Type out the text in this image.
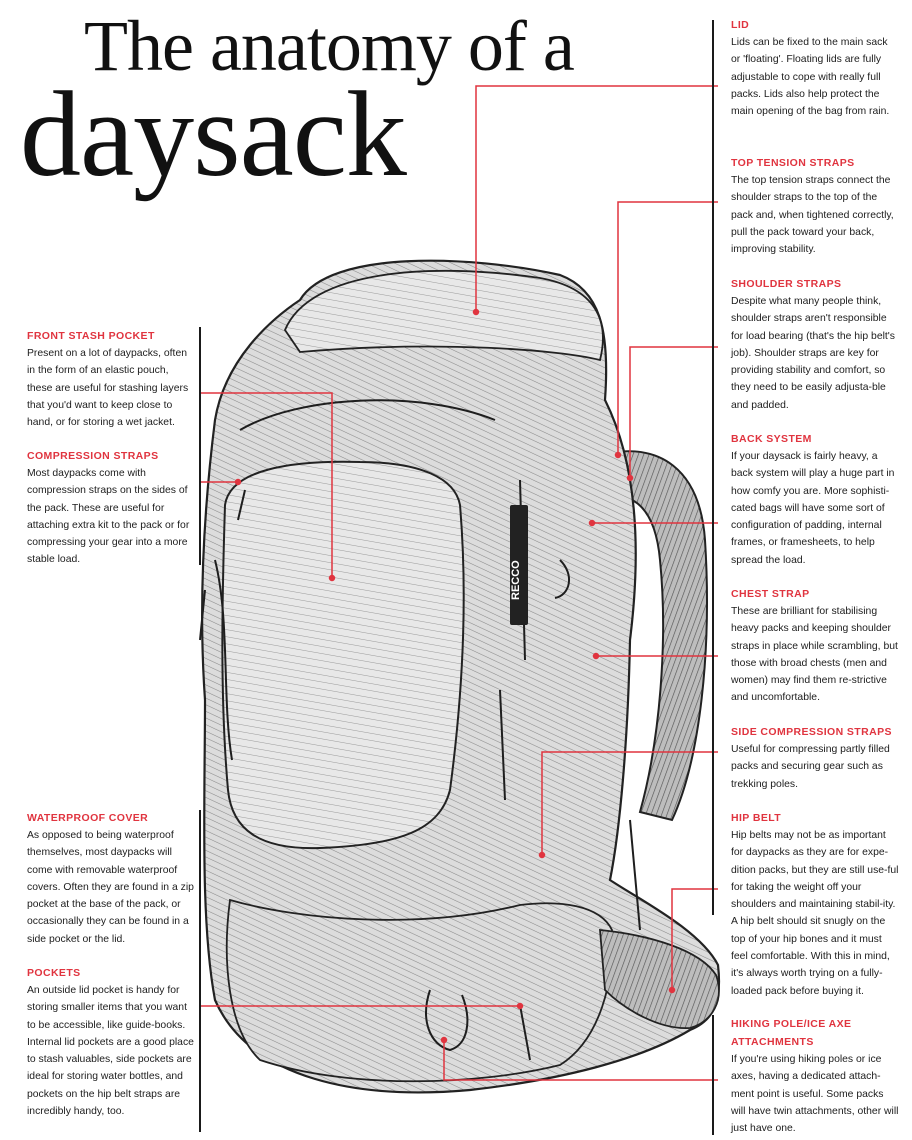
The anatomy of a
daysack
RECCO
FRONT STASH POCKET

Present on a lot of daypacks, often in the form of an elastic pouch, these are useful for stashing layers that you'd want to keep close to hand, or for storing a wet jacket.

COMPRESSION STRAPS

Most daypacks come with compression straps on the sides of the pack. These are useful for attaching extra kit to the pack or for compressing your gear into a more stable load.

WATERPROOF COVER

As opposed to being waterproof themselves, most daypacks will come with removable waterproof covers. Often they are found in a zip pocket at the base of the pack, or occasionally they can be found in a side pocket or the lid.

POCKETS

An outside lid pocket is handy for storing smaller items that you want to be accessible, like guide-books. Internal lid pockets are a good place to stash valuables, side pockets are ideal for storing water bottles, and pockets on the hip belt straps are incredibly handy, too.

LID

Lids can be fixed to the main sack or 'floating'. Floating lids are fully adjustable to cope with really full packs. Lids also help protect the main opening of the bag from rain.

TOP TENSION STRAPS

The top tension straps connect the shoulder straps to the top of the pack and, when tightened correctly, pull the pack toward your back, improving stability.

SHOULDER STRAPS

Despite what many people think, shoulder straps aren't responsible for load bearing (that's the hip belt's job). Shoulder straps are key for providing stability and comfort, so they need to be easily adjusta-ble and padded.

BACK SYSTEM

If your daysack is fairly heavy, a back system will play a huge part in how comfy you are. More sophisti-cated bags will have some sort of configuration of padding, internal frames, or framesheets, to help spread the load.

CHEST STRAP

These are brilliant for stabilising heavy packs and keeping shoulder straps in place while scrambling, but those with broad chests (men and women) may find them re-strictive and uncomfortable.

SIDE COMPRESSION STRAPS

Useful for compressing partly filled packs and securing gear such as trekking poles.

HIP BELT

Hip belts may not be as important for daypacks as they are for expe-dition packs, but they are still use-ful for taking the weight off your shoulders and maintaining stabil-ity. A hip belt should sit snugly on the top of your hip bones and it must feel comfortable. With this in mind, it's always worth trying on a fully-loaded pack before buying it.

HIKING POLE/ICE AXE ATTACHMENTS

If you're using hiking poles or ice axes, having a dedicated attach-ment point is useful. Some packs will have twin attachments, other will just have one.
